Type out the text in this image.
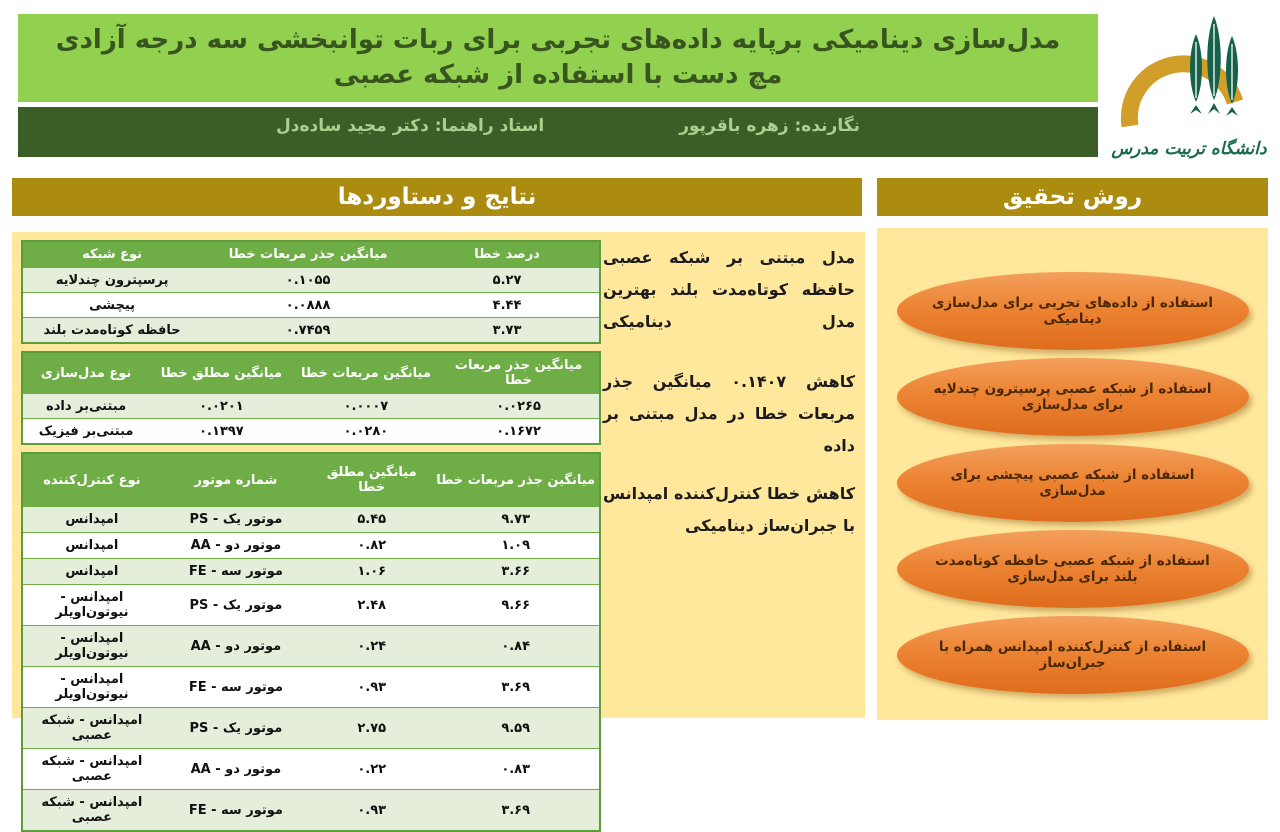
مدل‌سازی دینامیکی برپایه داده‌های تجربی برای ربات توانبخشی سه درجه آزادی مچ دست با استفاده از شبکه عصبی
نگارنده: زهره باقرپور
استاد راهنما: دکتر مجید ساده‌دل
دانشگاه تربیت مدرس
نتایج و دستاوردها	روش تحقیق
درصد خطا	میانگین جذر مربعات خطا	نوع شبکه
۵.۲۷	۰.۱۰۵۵	پرسپترون چندلایه
۴.۴۴	۰.۰۸۸۸	پیچشی
۳.۷۳	۰.۷۴۵۹	حافظه کوتاه‌مدت بلند
میانگین جذر مربعات خطا	میانگین مربعات خطا	میانگین مطلق خطا	نوع مدل‌سازی
۰.۰۲۶۵	۰.۰۰۰۷	۰.۰۲۰۱	مبتنی‌بر داده
۰.۱۶۷۲	۰.۰۲۸۰	۰.۱۳۹۷	مبتنی‌بر فیزیک
میانگین جذر مربعات خطا	میانگین مطلق خطا	شماره موتور	نوع کنترل‌کننده
۹.۷۳	۵.۴۵	موتور یک - PS	امپدانس
۱.۰۹	۰.۸۲	موتور دو - AA	امپدانس
۳.۶۶	۱.۰۶	موتور سه - FE	امپدانس
۹.۶۶	۲.۴۸	موتور یک - PS	امپدانس - نیوتون‌اویلر
۰.۸۴	۰.۲۴	موتور دو - AA	امپدانس - نیوتون‌اویلر
۳.۶۹	۰.۹۳	موتور سه - FE	امپدانس - نیوتون‌اویلر
۹.۵۹	۲.۷۵	موتور یک - PS	امپدانس - شبکه عصبی
۰.۸۳	۰.۲۲	موتور دو - AA	امپدانس - شبکه عصبی
۳.۶۹	۰.۹۳	موتور سه - FE	امپدانس - شبکه عصبی
مدل مبتنی بر شبکه عصبی حافظه کوتاه‌مدت بلند بهترین مدل دینامیکی
کاهش ۰.۱۴۰۷ میانگین جذر مربعات خطا در مدل مبتنی بر داده
کاهش خطا کنترل‌کننده امپدانس با جبران‌ساز دینامیکی
استفاده از داده‌های تجربی برای مدل‌سازی دینامیکی
استفاده از شبکه عصبی پرسپترون چندلایه برای مدل‌سازی
استفاده از شبکه عصبی پیچشی برای مدل‌سازی
استفاده از شبکه عصبی حافظه کوتاه‌مدت بلند برای مدل‌سازی
استفاده از کنترل‌کننده امپدانس همراه با جبران‌ساز
